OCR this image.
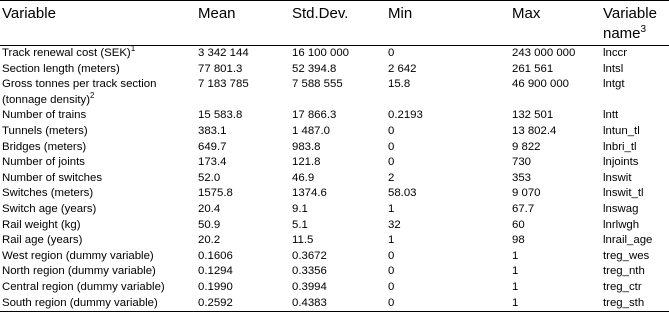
Variable	Mean	Std.Dev.	Min	Max	Variable name$^3$
Track renewal cost (SEK)$^1$	3 342 144	16 100 000	0	243 000 000	lnccr
Section length (meters)	77 801.3	52 394.8	2 642	261 561	lntsl
Gross tonnes per track section (tonnage density)$^2$	7 183 785	7 588 555	15.8	46 900 000	lntgt
Number of trains	15 583.8	17 866.3	0.2193	132 501	lntt
Tunnels (meters)	383.1	1 487.0	0	13 802.4	lntun_tl
Bridges (meters)	649.7	983.8	0	9 822	lnbri_tl
Number of joints	173.4	121.8	0	730	lnjoints
Number of switches	52.0	46.9	2	353	lnswit
Switches (meters)	1575.8	1374.6	58.03	9 070	lnswit_tl
Switch age (years)	20.4	9.1	1	67.7	lnswag
Rail weight (kg)	50.9	5.1	32	60	lnrlwgh
Rail age (years)	20.2	11.5	1	98	lnrail_age
West region (dummy variable)	0.1606	0.3672	0	1	treg_wes
North region (dummy variable)	0.1294	0.3356	0	1	treg_nth
Central region (dummy variable)	0.1990	0.3994	0	1	treg_ctr
South region (dummy variable)	0.2592	0.4383	0	1	treg_sth
